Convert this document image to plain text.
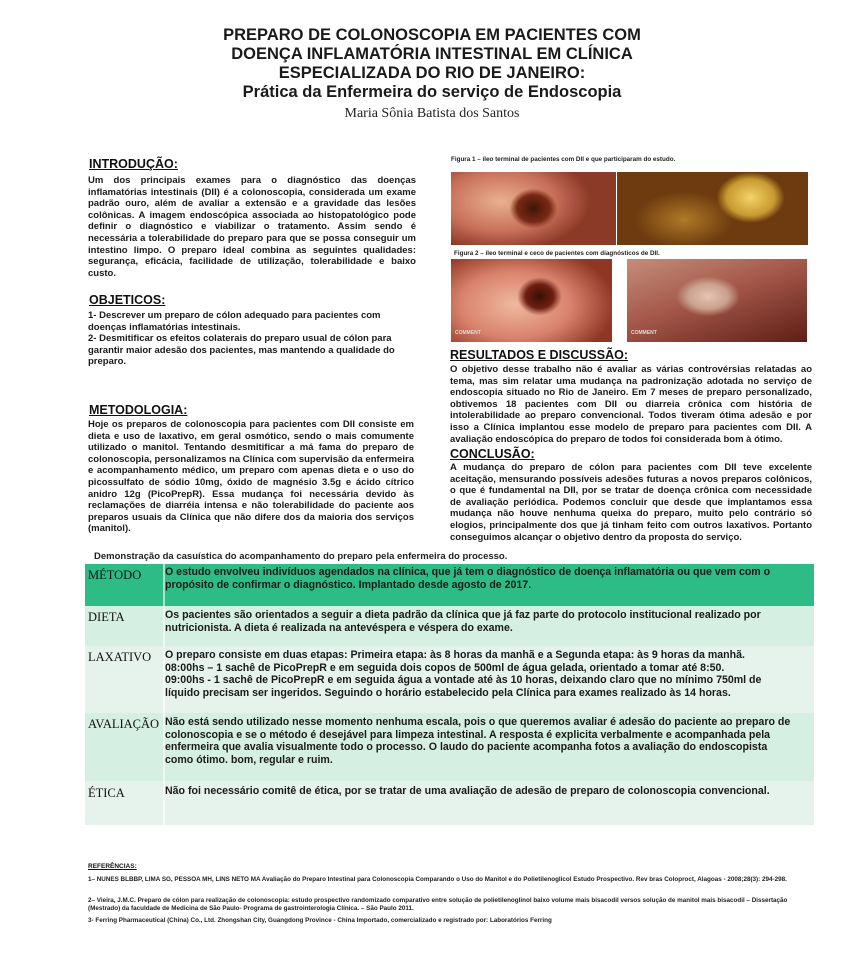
PREPARO DE COLONOSCOPIA EM PACIENTES COM
DOENÇA INFLAMATÓRIA INTESTINAL EM CLÍNICA
ESPECIALIZADA DO RIO DE JANEIRO:
Prática da Enfermeira do serviço de Endoscopia
Maria Sônia Batista dos Santos
INTRODUÇÃO:
Um dos principais exames para o diagnóstico das doenças inflamatórias intestinais (DII) é a colonoscopia, considerada um exame padrão ouro, além de avaliar a extensão e a gravidade das lesões colônicas. A imagem endoscópica associada ao histopatológico pode definir o diagnóstico e viabilizar o tratamento. Assim sendo é necessária a tolerabilidade do preparo para que se possa conseguir um intestino limpo. O preparo ideal combina as seguintes qualidades: segurança, eficácia, facilidade de utilização, tolerabilidade e baixo custo.
OBJETICOS:
1- Descrever um preparo de cólon adequado para pacientes com doenças inflamatórias intestinais.
2- Desmitificar os efeitos colaterais do preparo usual de cólon para garantir maior adesão dos pacientes, mas mantendo a qualidade do preparo.
METODOLOGIA:
Hoje os preparos de colonoscopia para pacientes com DII consiste em dieta e uso de laxativo, em geral osmótico, sendo o mais comumente utilizado o manitol. Tentando desmitificar a má fama do preparo de colonoscopia, personalizamos na Clínica com supervisão da enfermeira e acompanhamento médico, um preparo com apenas dieta e o uso do picossulfato de sódio 10mg, óxido de magnésio 3.5g e ácido cítrico anidro 12g (PicoPrepR). Essa mudança foi necessária devido às reclamações de diarréia intensa e não tolerabilidade do paciente aos preparos usuais da Clínica que não difere dos da maioria dos serviços (manitol).
Figura 1 – íleo terminal de pacientes com DII e que participaram do estudo.
Figura 2 – íleo terminal e ceco de pacientes com diagnósticos de DII.
COMMENT	COMMENT
RESULTADOS E DISCUSSÃO:
O objetivo desse trabalho não é avaliar as várias controvérsias relatadas ao tema, mas sim relatar uma mudança na padronização adotada no serviço de endoscopia situado no Rio de Janeiro. Em 7 meses de preparo personalizado, obtivemos 18 pacientes com DII ou diarreia crônica com história de intolerabilidade ao preparo convencional. Todos tiveram ótima adesão e por isso a Clínica implantou esse modelo de preparo para pacientes com DII. A avaliação endoscópica do preparo de todos foi considerada bom à ótimo.
CONCLUSÃO:
A mudança do preparo de cólon para pacientes com DII teve excelente aceitação, mensurando possíveis adesões futuras a novos preparos colônicos, o que é fundamental na DII, por se tratar de doença crônica com necessidade de avaliação periódica. Podemos concluir que desde que implantamos essa mudança não houve nenhuma queixa do preparo, muito pelo contrário só elogios, principalmente dos que já tinham feito com outros laxativos. Portanto conseguimos alcançar o objetivo dentro da proposta do serviço.
Demonstração da casuística do acompanhamento do preparo pela enfermeira do processo.
MÉTODO	O estudo envolveu indivíduos agendados na clínica, que já tem o diagnóstico de doença inflamatória ou que vem com o
propósito de confirmar o diagnóstico. Implantado desde agosto de 2017.
DIETA	Os pacientes são orientados a seguir a dieta padrão da clínica que já faz parte do protocolo institucional realizado por
nutricionista. A dieta é realizada na antevéspera e véspera do exame.
LAXATIVO	O preparo consiste em duas etapas: Primeira etapa: às 8 horas da manhã e a Segunda etapa: às 9 horas da manhã.
08:00hs – 1 sachê de PicoPrepR e em seguida dois copos de 500ml de água gelada, orientado a tomar até 8:50.
09:00hs - 1 sachê de PicoPrepR e em seguida água a vontade até às 10 horas, deixando claro que no mínimo 750ml de
líquido precisam ser ingeridos. Seguindo o horário estabelecido pela Clínica para exames realizado às 14 horas.
AVALIAÇÃO Não está sendo utilizado nesse momento nenhuma escala, pois o que queremos avaliar é adesão do paciente ao preparo de
colonoscopia e se o método é desejável para limpeza intestinal. A resposta é explicita verbalmente e acompanhada pela
enfermeira que avalia visualmente todo o processo. O laudo do paciente acompanha fotos a avaliação do endoscopista
como ótimo. bom, regular e ruim.
ÉTICA	Não foi necessário comitê de ética, por se tratar de uma avaliação de adesão de preparo de colonoscopia convencional.
REFERÊNCIAS:
1– NUNES BLBBP, LIMA SG, PESSOA MH, LINS NETO MA Avaliação do Preparo Intestinal para Colonoscopia Comparando o Uso do Manitol e do Polietilenoglicol Estudo Prospectivo. Rev bras Coloproct, Alagoas - 2008;28(3): 294-298.
2– Vieira, J.M.C. Preparo de cólon para realização de colonoscopia: estudo prospectivo randomizado comparativo entre solução de polietilenoglinol baixo volume mais bisacodil versos solução de manitol mais bisacodil – Dissertação (Mestrado) da faculdade de Medicina de São Paulo- Programa de gastrointerologia Clínica. – São Paulo 2011.
3- Ferring Pharmaceutical (China) Co., Ltd. Zhongshan City, Guangdong Province - China Importado, comercializado e registrado por: Laboratórios Ferring
